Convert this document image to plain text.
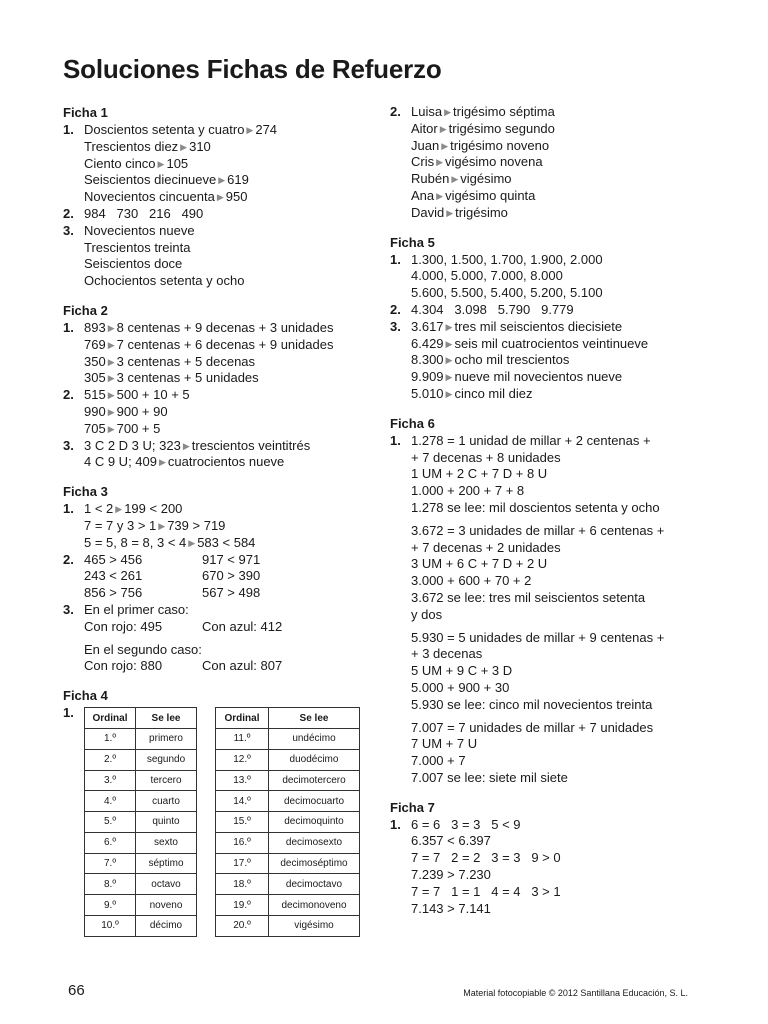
Soluciones Fichas de Refuerzo
Ficha 1
1. Doscientos setenta y cuatro ▶ 274
Trescientos diez ▶ 310
Ciento cinco ▶ 105
Seiscientos diecinueve ▶ 619
Novecientos cincuenta ▶ 950
2. 984   730   216   490
3. Novecientos nueve
Trescientos treinta
Seiscientos doce
Ochocientos setenta y ocho
Ficha 2
1. 893 ▶ 8 centenas + 9 decenas + 3 unidades
769 ▶ 7 centenas + 6 decenas + 9 unidades
350 ▶ 3 centenas + 5 decenas
305 ▶ 3 centenas + 5 unidades
2. 515 ▶ 500 + 10 + 5
990 ▶ 900 + 90
705 ▶ 700 + 5
3. 3 C 2 D 3 U; 323 ▶ trescientos veintitrés
4 C 9 U; 409 ▶ cuatrocientos nueve
Ficha 3
1. 1 < 2 ▶ 199 < 200
7 = 7 y 3 > 1 ▶ 739 > 719
5 = 5, 8 = 8, 3 < 4 ▶ 583 < 584
2. 465 > 456	917 < 971
243 < 261	670 > 390
856 > 756	567 > 498
3. En el primer caso:
Con rojo: 495	Con azul: 412
En el segundo caso:
Con rojo: 880	Con azul: 807
Ficha 4
1.	Ordinal	Se lee
1.º	primero
2.º	segundo
3.º	tercero
4.º	cuarto
5.º	quinto
6.º	sexto
7.º	séptimo
8.º	octavo
9.º	noveno
10.º	décimo
Ordinal	Se lee
11.º	undécimo
12.º	duodécimo
13.º	decimotercero
14.º	decimocuarto
15.º	decimoquinto
16.º	decimosexto
17.º	decimoséptimo
18.º	decimoctavo
19.º	decimonoveno
20.º	vigésimo
2. Luisa ▶ trigésimo séptima
Aitor ▶ trigésimo segundo
Juan ▶ trigésimo noveno
Cris ▶ vigésimo novena
Rubén ▶ vigésimo
Ana ▶ vigésimo quinta
David ▶ trigésimo
Ficha 5
1. 1.300, 1.500, 1.700, 1.900, 2.000
4.000, 5.000, 7.000, 8.000
5.600, 5.500, 5.400, 5.200, 5.100
2. 4.304   3.098   5.790   9.779
3. 3.617 ▶ tres mil seiscientos diecisiete
6.429 ▶ seis mil cuatrocientos veintinueve
8.300 ▶ ocho mil trescientos
9.909 ▶ nueve mil novecientos nueve
5.010 ▶ cinco mil diez
Ficha 6
1. 1.278 = 1 unidad de millar + 2 centenas +
+ 7 decenas + 8 unidades
1 UM + 2 C + 7 D + 8 U
1.000 + 200 + 7 + 8
1.278 se lee: mil doscientos setenta y ocho
3.672 = 3 unidades de millar + 6 centenas +
+ 7 decenas + 2 unidades
3 UM + 6 C + 7 D + 2 U
3.000 + 600 + 70 + 2
3.672 se lee: tres mil seiscientos setenta
y dos
5.930 = 5 unidades de millar + 9 centenas +
+ 3 decenas
5 UM + 9 C + 3 D
5.000 + 900 + 30
5.930 se lee: cinco mil novecientos treinta
7.007 = 7 unidades de millar + 7 unidades
7 UM + 7 U
7.000 + 7
7.007 se lee: siete mil siete
Ficha 7
1. 6 = 6   3 = 3   5 < 9
6.357 < 6.397
7 = 7   2 = 2   3 = 3   9 > 0
7.239 > 7.230
7 = 7   1 = 1   4 = 4   3 > 1
7.143 > 7.141
66	Material fotocopiable © 2012 Santillana Educación, S. L.
